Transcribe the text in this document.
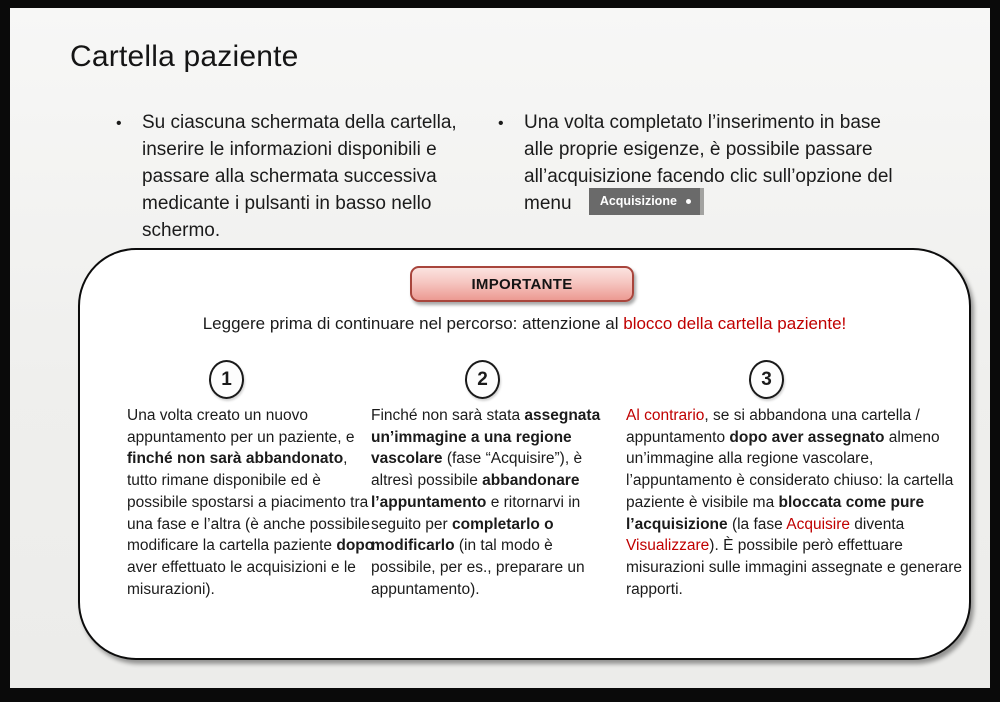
Cartella paziente
•	Su ciascuna schermata della cartella, inserire le informazioni disponibili e passare alla schermata successiva medicante i pulsanti in basso nello schermo.
•	Una volta completato l’inserimento in base alle proprie esigenze, è possibile passare all’acquisizione facendo clic sull’opzione del menu Acquisizione
IMPORTANTE
Leggere prima di continuare nel percorso: attenzione al blocco della cartella paziente!
1	2	3
Una volta creato un nuovo appuntamento per un paziente, e finché non sarà abbandonato, tutto rimane disponibile ed è possibile spostarsi a piacimento tra una fase e l’altra (è anche possibile modificare la cartella paziente dopo aver effettuato le acquisizioni e le misurazioni).
Finché non sarà stata assegnata un’immagine a una regione vascolare (fase “Acquisire”), è altresì possibile abbandonare l’appuntamento e ritornarvi in seguito per completarlo o modificarlo (in tal modo è possibile, per es., preparare un appuntamento).
Al contrario, se si abbandona una cartella / appuntamento dopo aver assegnato almeno un’immagine alla regione vascolare, l’appuntamento è considerato chiuso: la cartella paziente è visibile ma bloccata come pure l’acquisizione (la fase Acquisire diventa Visualizzare). È possibile però effettuare misurazioni sulle immagini assegnate e generare rapporti.
